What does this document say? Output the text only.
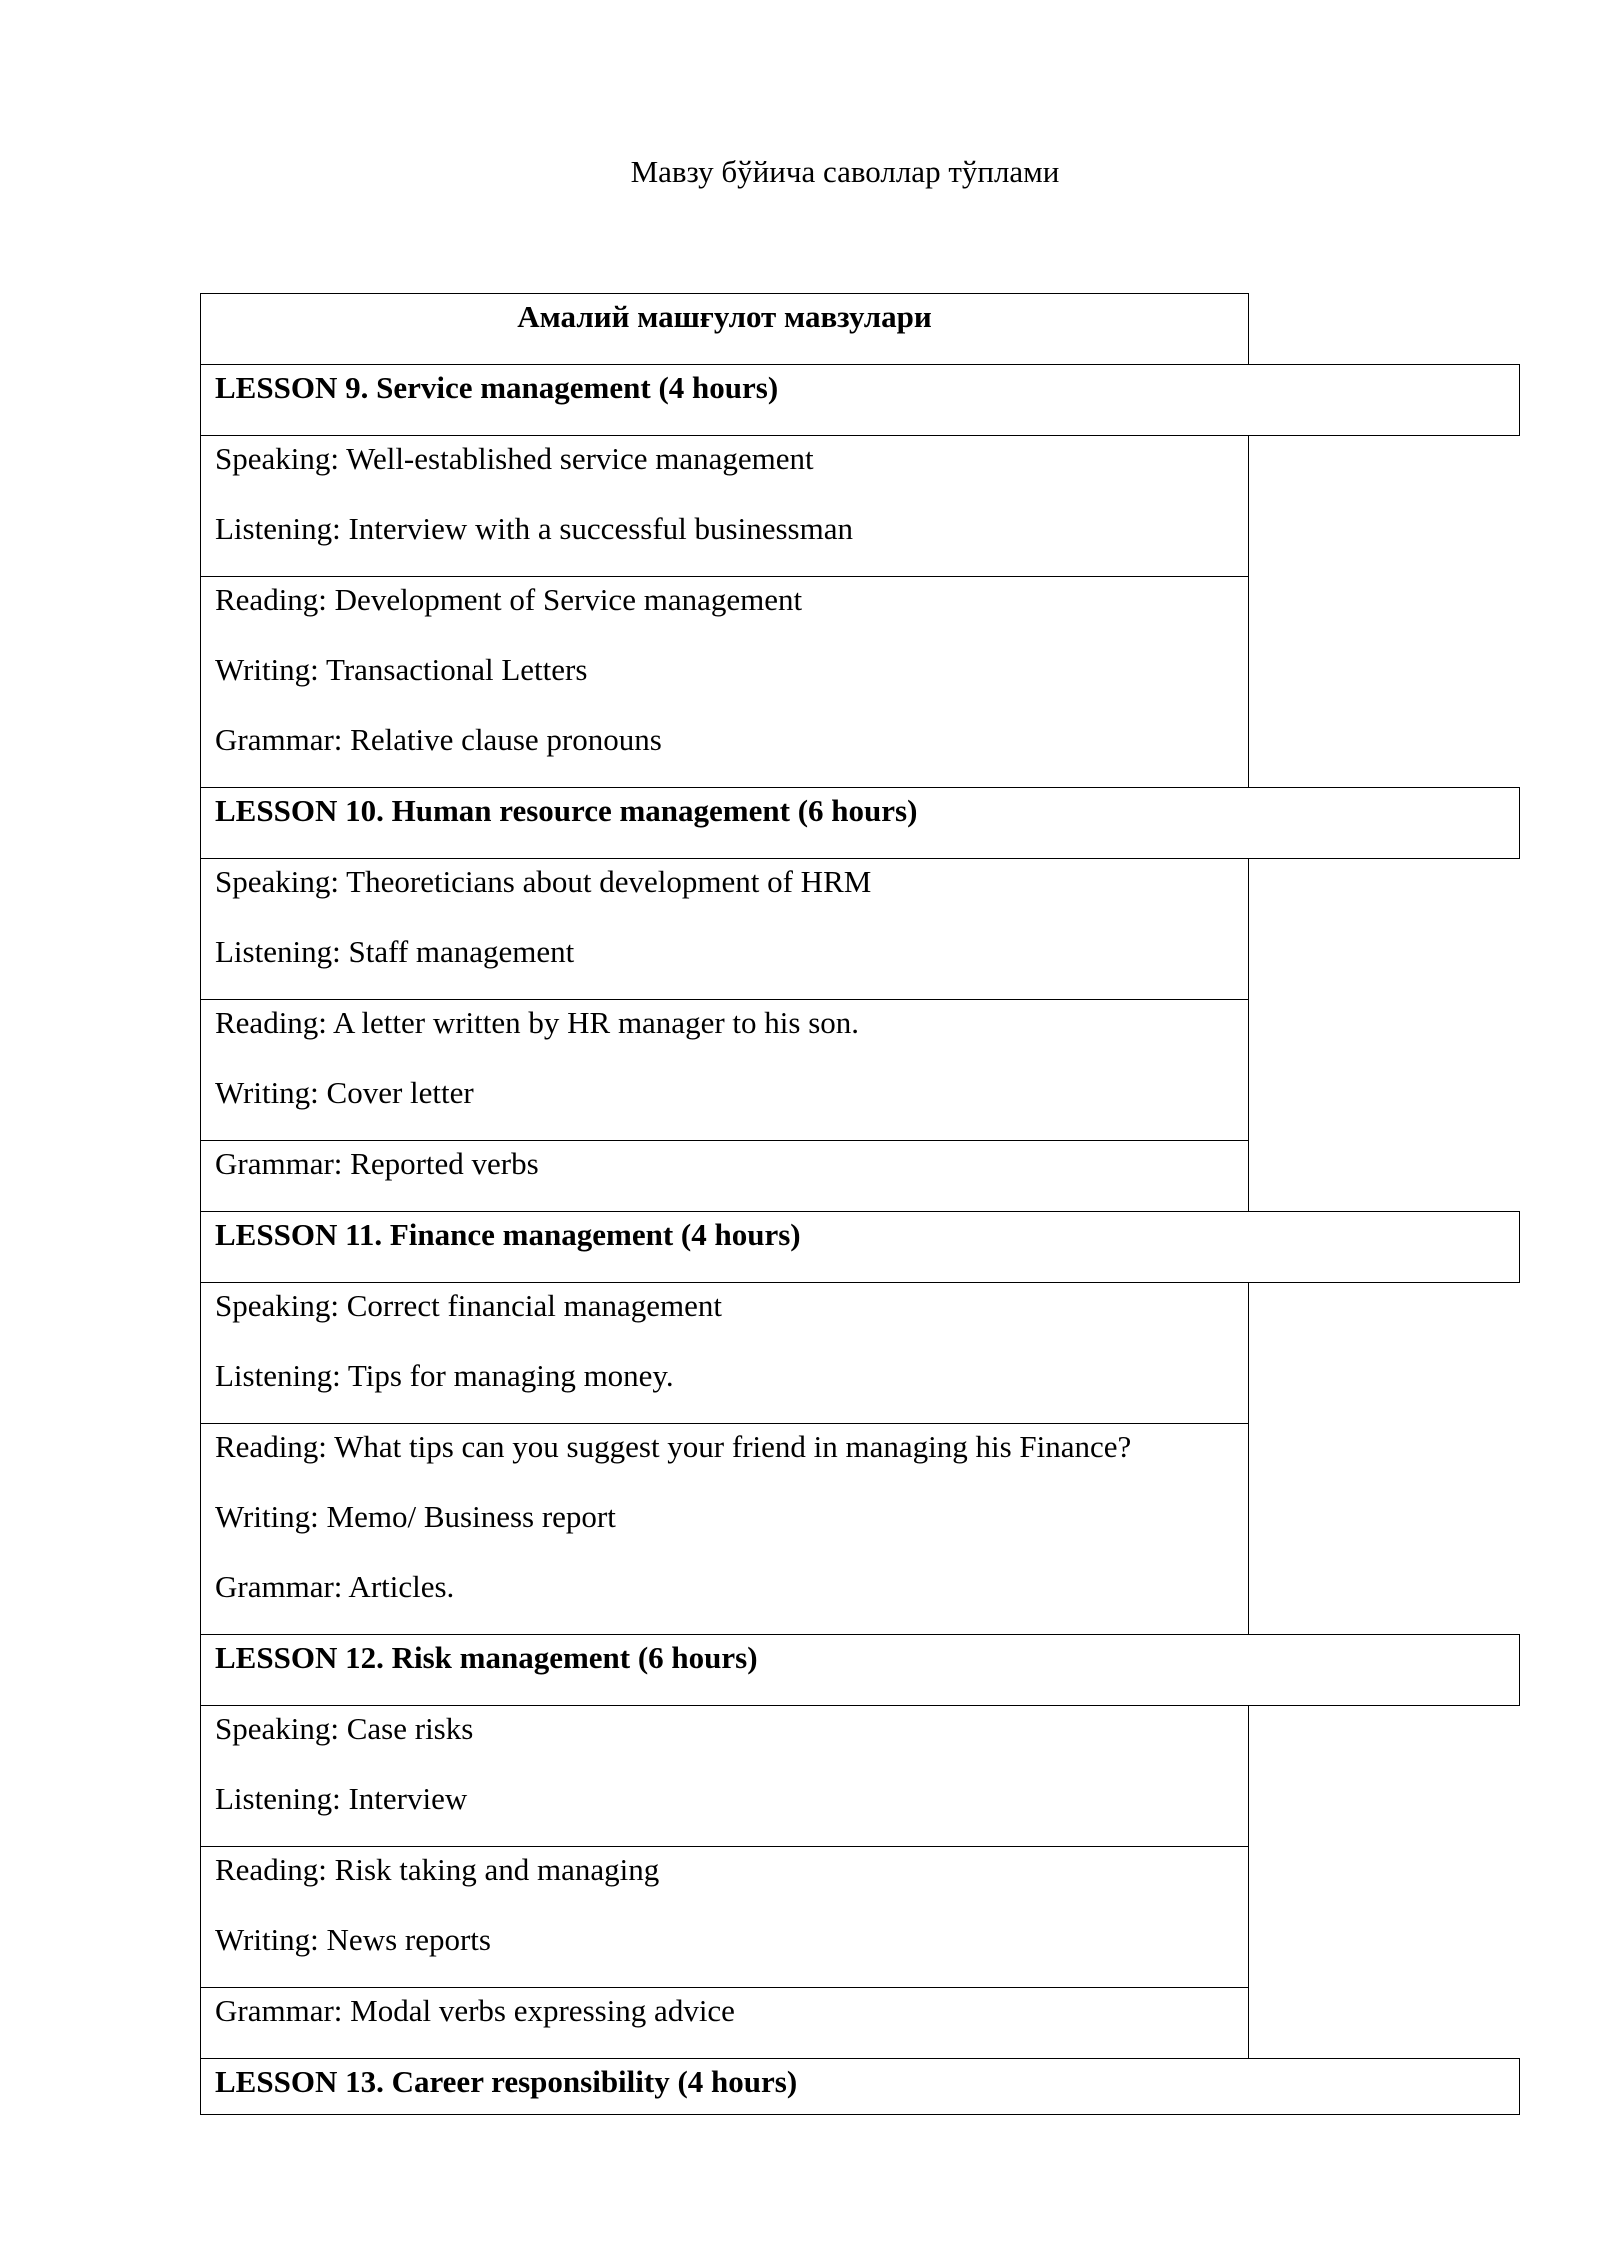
Мавзу бўйича саволлар тўплами
Амалий машғулот мавзулари
LESSON 9. Service management (4 hours)
Speaking: Well-established service management
Listening: Interview with a successful businessman
Reading: Development of Service management
Writing: Transactional Letters
Grammar: Relative clause pronouns
LESSON 10. Human resource management (6 hours)
Speaking: Theoreticians about development of HRM
Listening: Staff management
Reading: A letter written by HR manager to his son.
Writing: Cover letter
Grammar: Reported verbs
LESSON 11. Finance management (4 hours)
Speaking: Correct financial management
Listening: Tips for managing money.
Reading: What tips can you suggest your friend in managing his Finance?
Writing: Memo/ Business report
Grammar: Articles.
LESSON 12. Risk management (6 hours)
Speaking: Case risks
Listening: Interview
Reading: Risk taking and managing
Writing: News reports
Grammar: Modal verbs expressing advice
LESSON 13. Career responsibility (4 hours)
